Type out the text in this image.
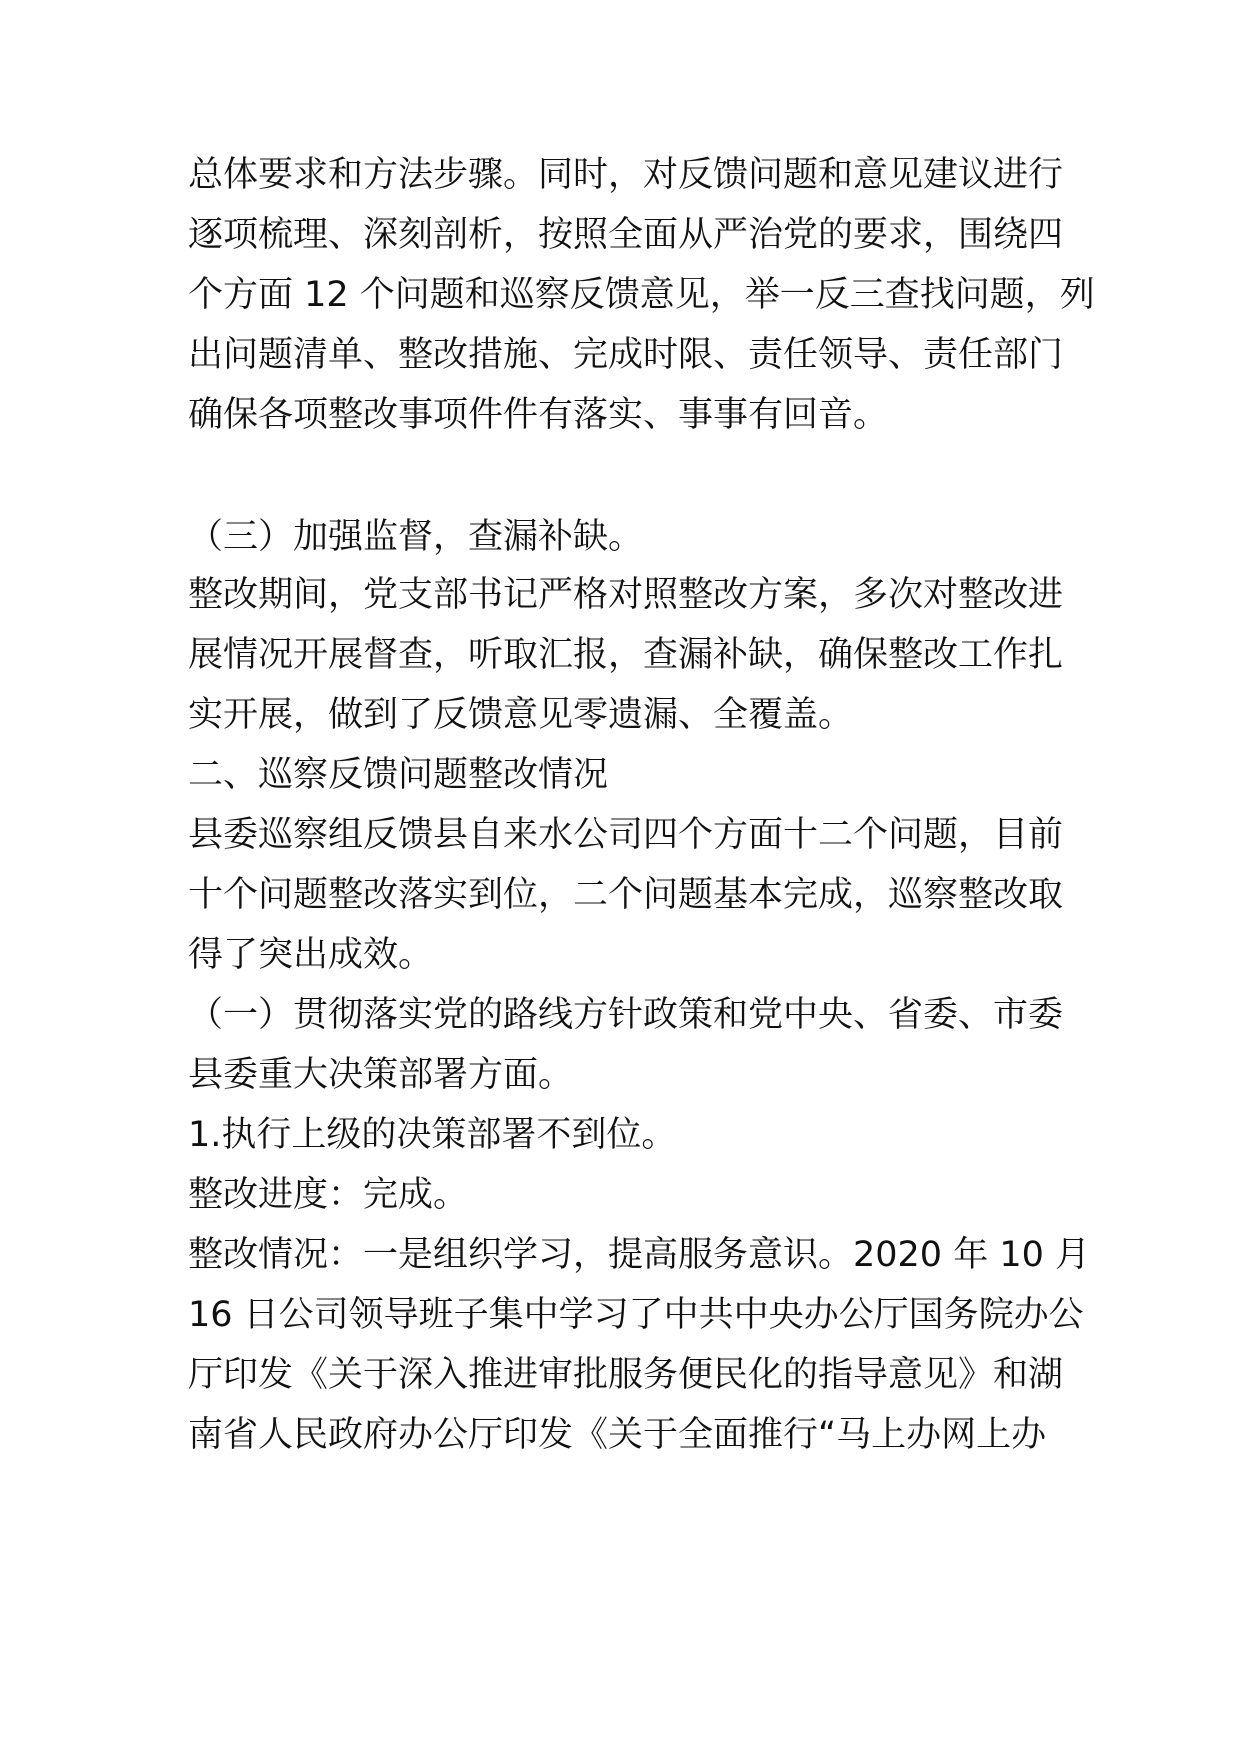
总体要求和方法步骤。同时，对反馈问题和意见建议进行
逐项梳理、深刻剖析，按照全面从严治党的要求，围绕四
个方面 12 个问题和巡察反馈意见，举一反三查找问题，列
出问题清单、整改措施、完成时限、责任领导、责任部门
确保各项整改事项件件有落实、事事有回音。
（三）加强监督，查漏补缺。
整改期间，党支部书记严格对照整改方案，多次对整改进
展情况开展督查，听取汇报，查漏补缺，确保整改工作扎
实开展，做到了反馈意见零遗漏、全覆盖。
二、巡察反馈问题整改情况
县委巡察组反馈县自来水公司四个方面十二个问题，目前
十个问题整改落实到位，二个问题基本完成，巡察整改取
得了突出成效。
（一）贯彻落实党的路线方针政策和党中央、省委、市委
县委重大决策部署方面。
1.执行上级的决策部署不到位。
整改进度：完成。
整改情况：一是组织学习，提高服务意识。2020 年 10 月
16 日公司领导班子集中学习了中共中央办公厅国务院办公
厅印发《关于深入推进审批服务便民化的指导意见》和湖
南省人民政府办公厅印发《关于全面推行“马上办网上办
